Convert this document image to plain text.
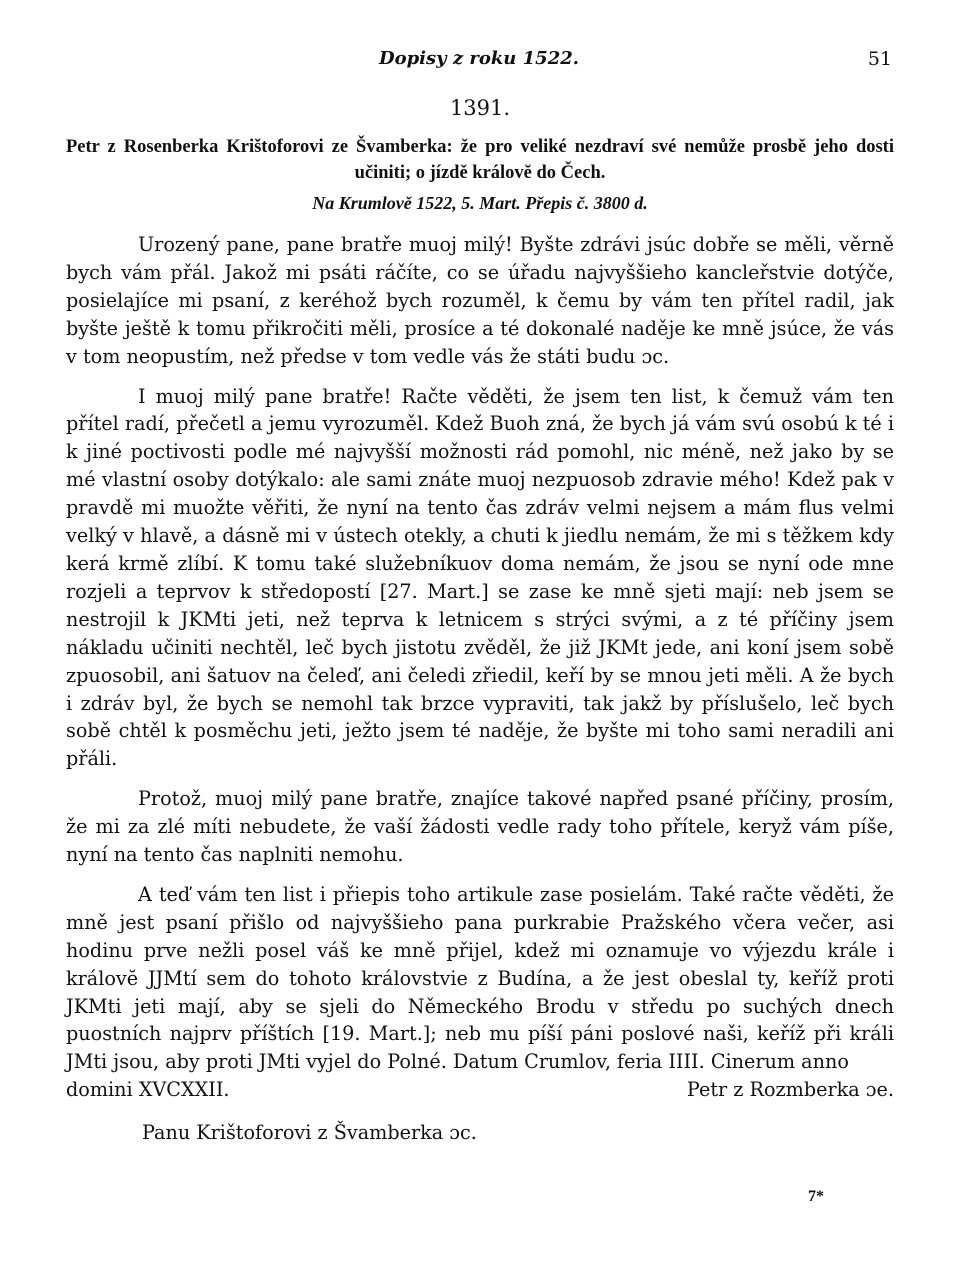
Dopisy z roku 1522.	51
1391.
Petr z Rosenberka Krištoforovi ze Švamberka: že pro veliké nezdraví své nemůže prosbě jeho dosti učiniti; o jízdě královĕ do Čech.
Na Krumlově 1522, 5. Mart. Přepis č. 3800 d.

Urozený pane, pane bratře muoj milý! Byšte zdrávi jsúc dobře se měli, věrně bych vám přál. Jakož mi psáti ráčíte, co se úřadu najvyššieho kancleřstvie dotýče, posielajíce mi psaní, z keréhož bych rozuměl, k čemu by vám ten přítel radil, jak byšte ještě k tomu přikročiti měli, prosíce a té dokonalé naděje ke mně jsúce, že vás v tom neopustím, než předse v tom vedle vás že státi budu ɔc.

I muoj milý pane bratře! Račte věděti, že jsem ten list, k čemuž vám ten přítel radí, přečetl a jemu vyrozuměl. Kdež Buoh zná, že bych já vám svú osobú k té i k jiné poctivosti podle mé najvyšší možnosti rád pomohl, nic méně, než jako by se mé vlastní osoby dotýkalo: ale sami znáte muoj nezpuosob zdravie mého! Kdež pak v pravdě mi muožte věřiti, že nyní na tento čas zdráv velmi nejsem a mám flus velmi velký v hlavě, a dásně mi v ústech otekly, a chuti k jiedlu nemám, že mi s těžkem kdy kerá krmě zlíbí. K tomu také služebníkuov doma nemám, že jsou se nyní ode mne rozjeli a teprvov k středopostí [27. Mart.] se zase ke mně sjeti mají: neb jsem se nestrojil k JKMti jeti, než teprva k letnicem s strýci svými, a z té příčiny jsem nákladu učiniti nechtěl, leč bych jistotu zvěděl, že již JKMt jede, ani koní jsem sobě zpuosobil, ani šatuov na čeleď, ani čeledi zřiedil, keří by se mnou jeti měli. A že bych i zdráv byl, že bych se nemohl tak brzce vypraviti, tak jakž by příslušelo, leč bych sobě chtěl k posměchu jeti, ježto jsem té naděje, že byšte mi toho sami neradili ani přáli.

Protož, muoj milý pane bratře, znajíce takové napřed psané příčiny, prosím, že mi za zlé míti nebudete, že vaší žádosti vedle rady toho přítele, keryž vám píše, nyní na tento čas naplniti nemohu.

A teď vám ten list i přiepis toho artikule zase posielám. Také račte věděti, že mně jest psaní přišlo od najvyššieho pana purkrabie Pražského včera večer, asi hodinu prve nežli posel váš ke mně přijel, kdež mi oznamuje vo výjezdu krále i královĕ JJMtí sem do tohoto královstvie z Budína, a že jest obeslal ty, keříž proti JKMti jeti mají, aby se sjeli do Německého Brodu v středu po suchých dnech puostních najprv příštích [19. Mart.]; neb mu píší páni poslové naši, keříž při králi JMti jsou, aby proti JMti vyjel do Polné. Datum Crumlov, feria IIII. Cinerum anno

domini XVCXXII.	Petr z Rozmberka ɔe.
Panu Krištoforovi z Švamberka ɔc.
7*
